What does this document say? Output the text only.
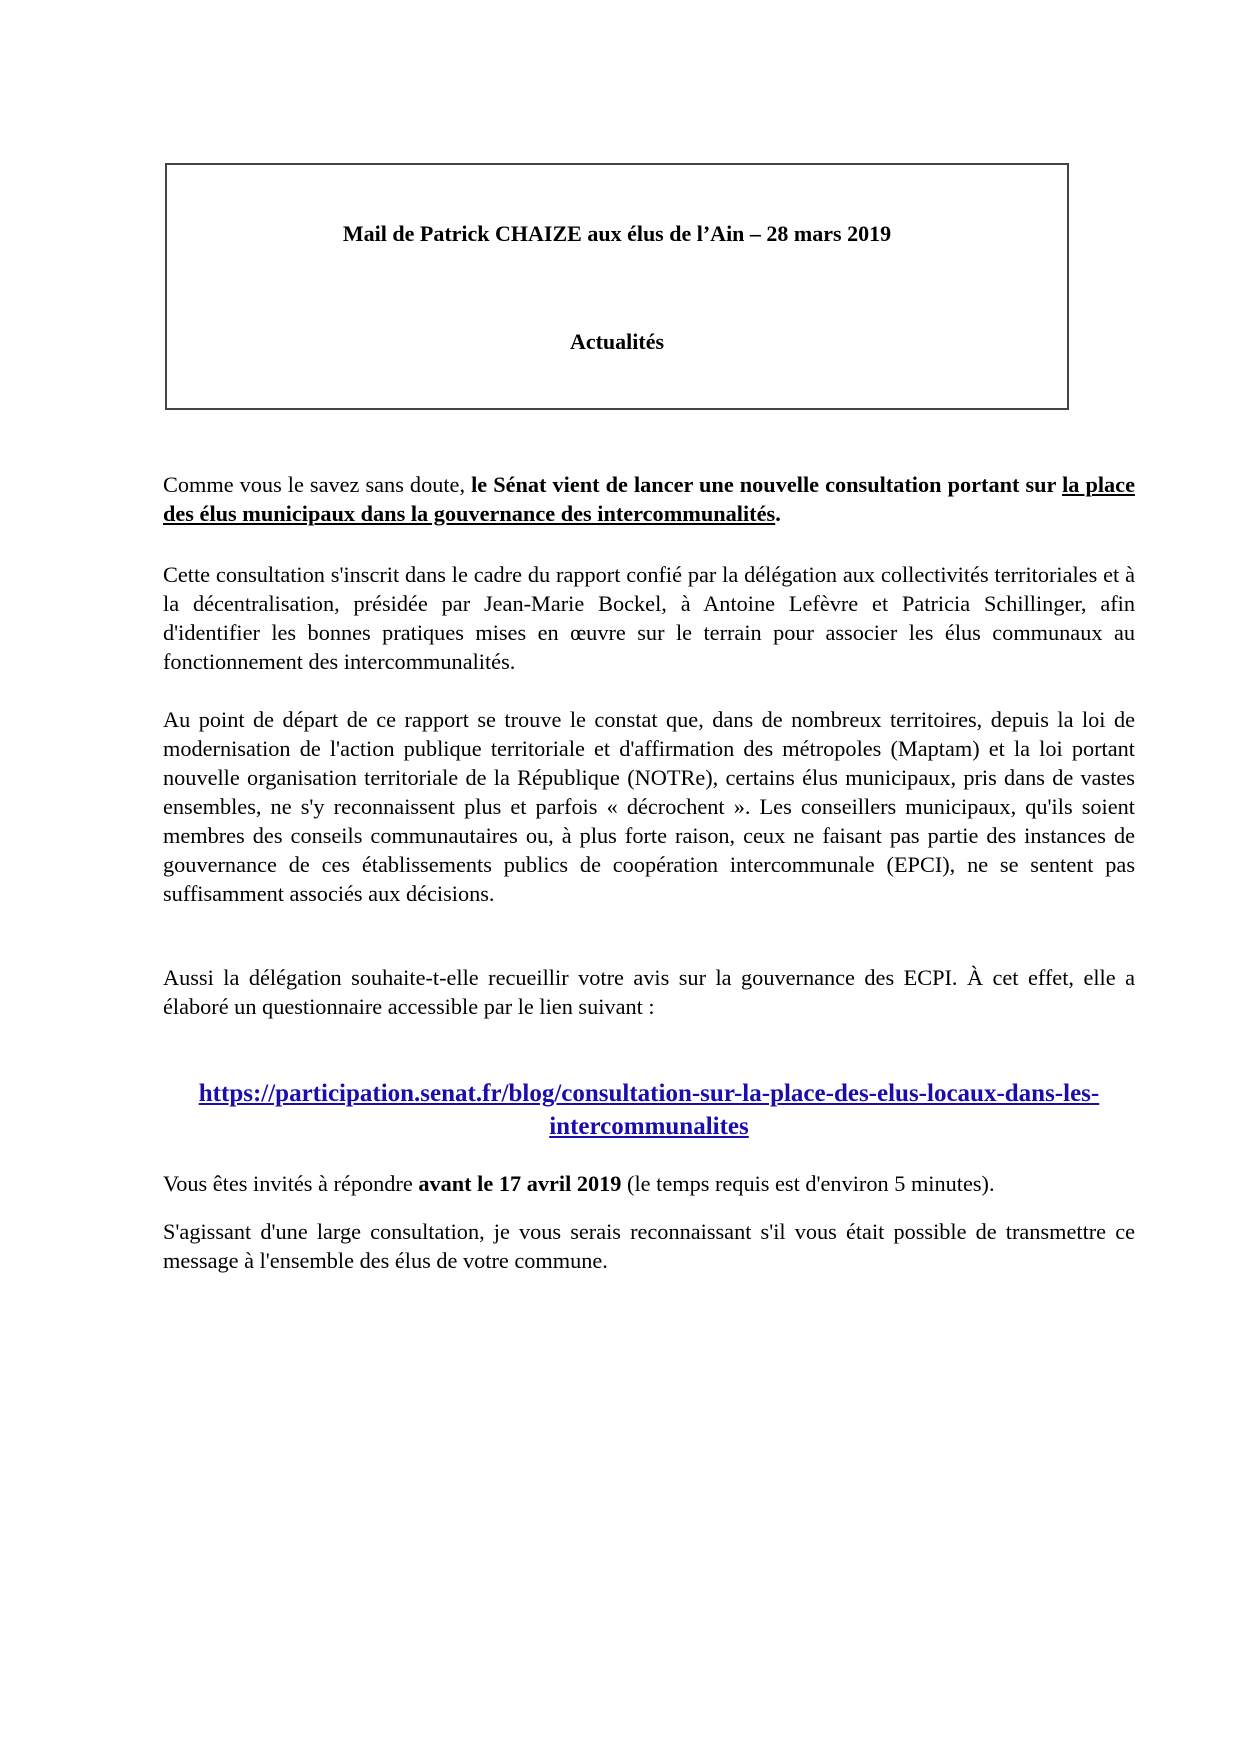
Mail de Patrick CHAIZE aux élus de l’Ain – 28 mars 2019
Actualités
Comme vous le savez sans doute, le Sénat vient de lancer une nouvelle consultation portant sur la place des élus municipaux dans la gouvernance des intercommunalités.
Cette consultation s'inscrit dans le cadre du rapport confié par la délégation aux collectivités territoriales et à la décentralisation, présidée par Jean-Marie Bockel, à Antoine Lefèvre et Patricia Schillinger, afin d'identifier les bonnes pratiques mises en œuvre sur le terrain pour associer les élus communaux au fonctionnement des intercommunalités.
Au point de départ de ce rapport se trouve le constat que, dans de nombreux territoires, depuis la loi de modernisation de l'action publique territoriale et d'affirmation des métropoles (Maptam) et la loi portant nouvelle organisation territoriale de la République (NOTRe), certains élus municipaux, pris dans de vastes ensembles, ne s'y reconnaissent plus et parfois « décrochent ». Les conseillers municipaux, qu'ils soient membres des conseils communautaires ou, à plus forte raison, ceux ne faisant pas partie des instances de gouvernance de ces établissements publics de coopération intercommunale (EPCI), ne se sentent pas suffisamment associés aux décisions.
Aussi la délégation souhaite-t-elle recueillir votre avis sur la gouvernance des ECPI. À cet effet, elle a élaboré un questionnaire accessible par le lien suivant :
https://participation.senat.fr/blog/consultation-sur-la-place-des-elus-locaux-dans-les-intercommunalites
Vous êtes invités à répondre avant le 17 avril 2019 (le temps requis est d'environ 5 minutes).
S'agissant d'une large consultation, je vous serais reconnaissant s'il vous était possible de transmettre ce message à l'ensemble des élus de votre commune.
